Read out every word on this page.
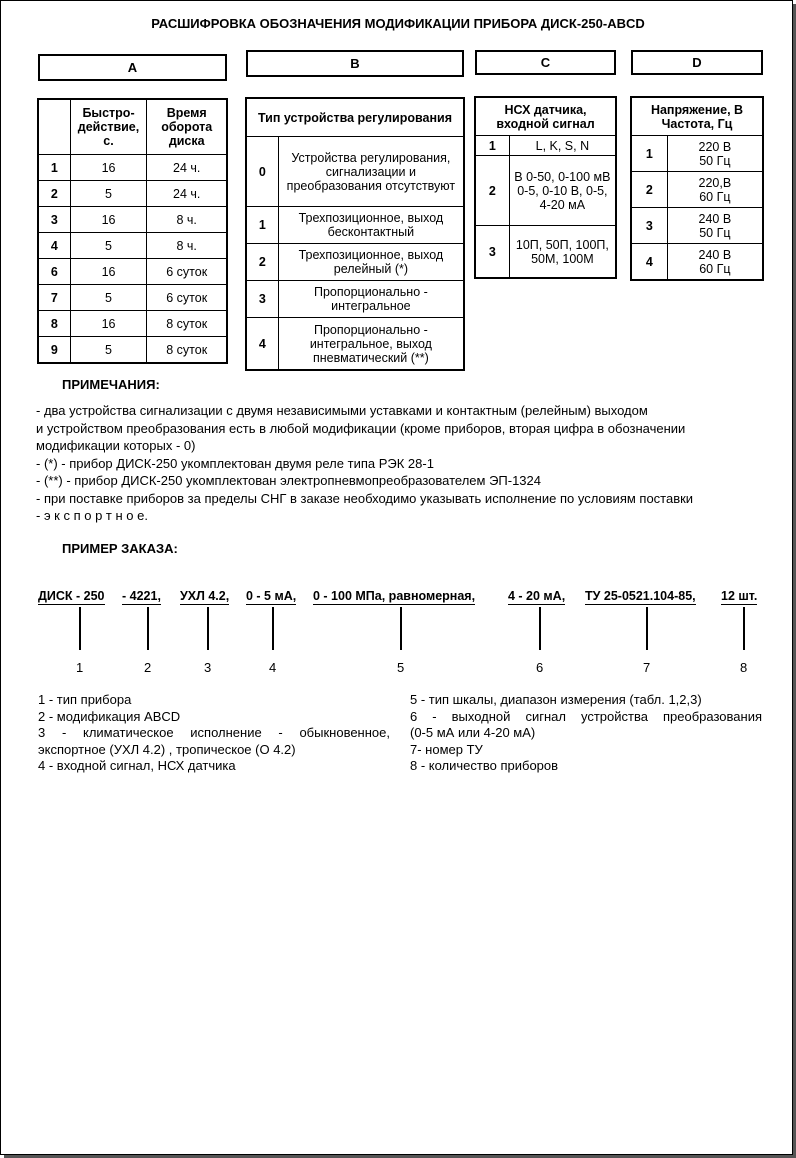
РАСШИФРОВКА ОБОЗНАЧЕНИЯ МОДИФИКАЦИИ ПРИБОРА ДИСК-250-ABCD
A	B	C	D
	Быстро-действие, с.	Время оборота диска
1	16	24 ч.
2	5	24 ч.
3	16	8 ч.
4	5	8 ч.
6	16	6 суток
7	5	6 суток
8	16	8 суток
9	5	8 суток
Тип устройства регулирования	
0	Устройства регулирования, сигнализации и преобразования отсутствуют
1	Трехпозиционное, выход бесконтактный
2	Трехпозиционное, выход релейный (*)
3	Пропорционально - интегральное
4	Пропорционально - интегральное, выход пневматический (**)
НСХ датчика, входной сигнал	
1	L, K, S, N
2	B 0-50, 0-100 мВ 0-5, 0-10 В, 0-5, 4-20 мА
3	10П, 50П, 100П, 50М, 100М
Напряжение, В Частота, Гц	
1	220 В
50 Гц

2	220,В
60 Гц

3	240 В
50 Гц

4	240 В
60 Гц
ПРИМЕЧАНИЯ:
- два устройства сигнализации с двумя независимыми уставками и контактным (релейным) выходом
и устройством преобразования есть в любой модификации (кроме приборов, вторая цифра в обозначении
модификации которых - 0)
- (*) - прибор ДИСК-250 укомплектован двумя реле типа РЭК 28-1
- (**) - прибор ДИСК-250 укомплектован электропневмопреобразователем ЭП-1324
- при поставке приборов за пределы СНГ в заказе необходимо указывать исполнение по условиям поставки
- э к с п о р т н о е.
ПРИМЕР ЗАКАЗА:
ДИСК - 250 - 4221, УХЛ 4.2, 0 - 5 мА, 0 - 100 МПа, равномерная,	4 - 20 мА, ТУ 25-0521.104-85, 12 шт.
1	2	3	4	5	6	7	8
1 - тип прибора
2 - модификация ABCD
3 - климатическое исполнение - обыкновенное,
экспортное (УХЛ 4.2) , тропическое (О 4.2)
4 - входной сигнал, НСХ датчика
5 - тип шкалы, диапазон измерения (табл. 1,2,3)
6 - выходной сигнал устройства преобразования
(0-5 мА или 4-20 мА)
7- номер ТУ
8 - количество приборов
